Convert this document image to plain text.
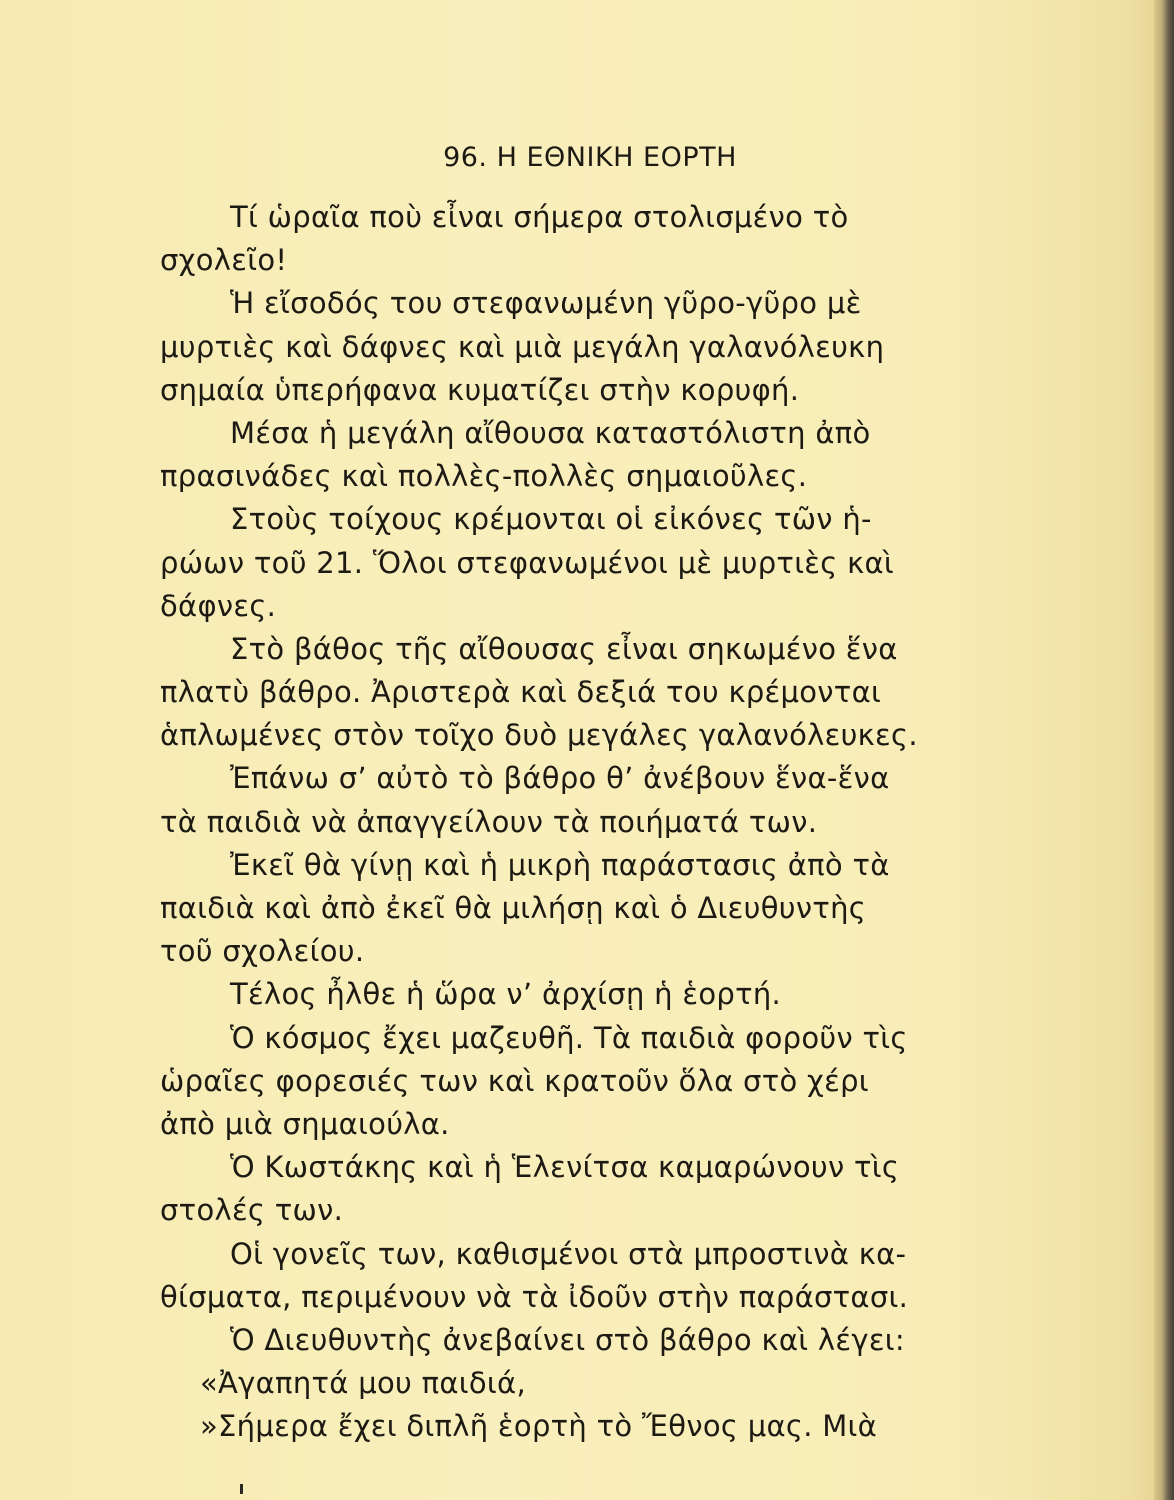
96. Η ΕΘΝΙΚΗ ΕΟΡΤΗ
Τί ὡραῖα ποὺ εἶναι σήμερα στολισμένο τὸ
σχολεῖο!
Ἡ εἴσοδός του στεφανωμένη γῦρο-γῦρο μὲ
μυρτιὲς καὶ δάφνες καὶ μιὰ μεγάλη γαλανόλευκη
σημαία ὑπερήφανα κυματίζει στὴν κορυφή.
Μέσα ἡ μεγάλη αἴθουσα καταστόλιστη ἀπὸ
πρασινάδες καὶ πολλὲς-πολλὲς σημαιοῦλες.
Στοὺς τοίχους κρέμονται οἱ εἰκόνες τῶν ἡ-
ρώων τοῦ 21. Ὅλοι στεφανωμένοι μὲ μυρτιὲς καὶ
δάφνες.
Στὸ βάθος τῆς αἴθουσας εἶναι σηκωμένο ἕνα
πλατὺ βάθρο. Ἀριστερὰ καὶ δεξιά του κρέμονται
ἁπλωμένες στὸν τοῖχο δυὸ μεγάλες γαλανόλευκες.
Ἐπάνω σ’ αὐτὸ τὸ βάθρο θ’ ἀνέβουν ἕνα-ἕνα
τὰ παιδιὰ νὰ ἀπαγγείλουν τὰ ποιήματά των.
Ἐκεῖ θὰ γίνῃ καὶ ἡ μικρὴ παράστασις ἀπὸ τὰ
παιδιὰ καὶ ἀπὸ ἐκεῖ θὰ μιλήσῃ καὶ ὁ Διευθυντὴς
τοῦ σχολείου.
Τέλος ἦλθε ἡ ὥρα ν’ ἀρχίσῃ ἡ ἑορτή.
Ὁ κόσμος ἔχει μαζευθῆ. Τὰ παιδιὰ φοροῦν τὶς
ὡραῖες φορεσιές των καὶ κρατοῦν ὅλα στὸ χέρι
ἀπὸ μιὰ σημαιούλα.
Ὁ Κωστάκης καὶ ἡ Ἑλενίτσα καμαρώνουν τὶς
στολές των.
Οἱ γονεῖς των, καθισμένοι στὰ μπροστινὰ κα-
θίσματα, περιμένουν νὰ τὰ ἰδοῦν στὴν παράστασι.
Ὁ Διευθυντὴς ἀνεβαίνει στὸ βάθρο καὶ λέγει:
«Ἀγαπητά μου παιδιά,
»Σήμερα ἔχει διπλῆ ἑορτὴ τὸ Ἔθνος μας. Μιὰ
